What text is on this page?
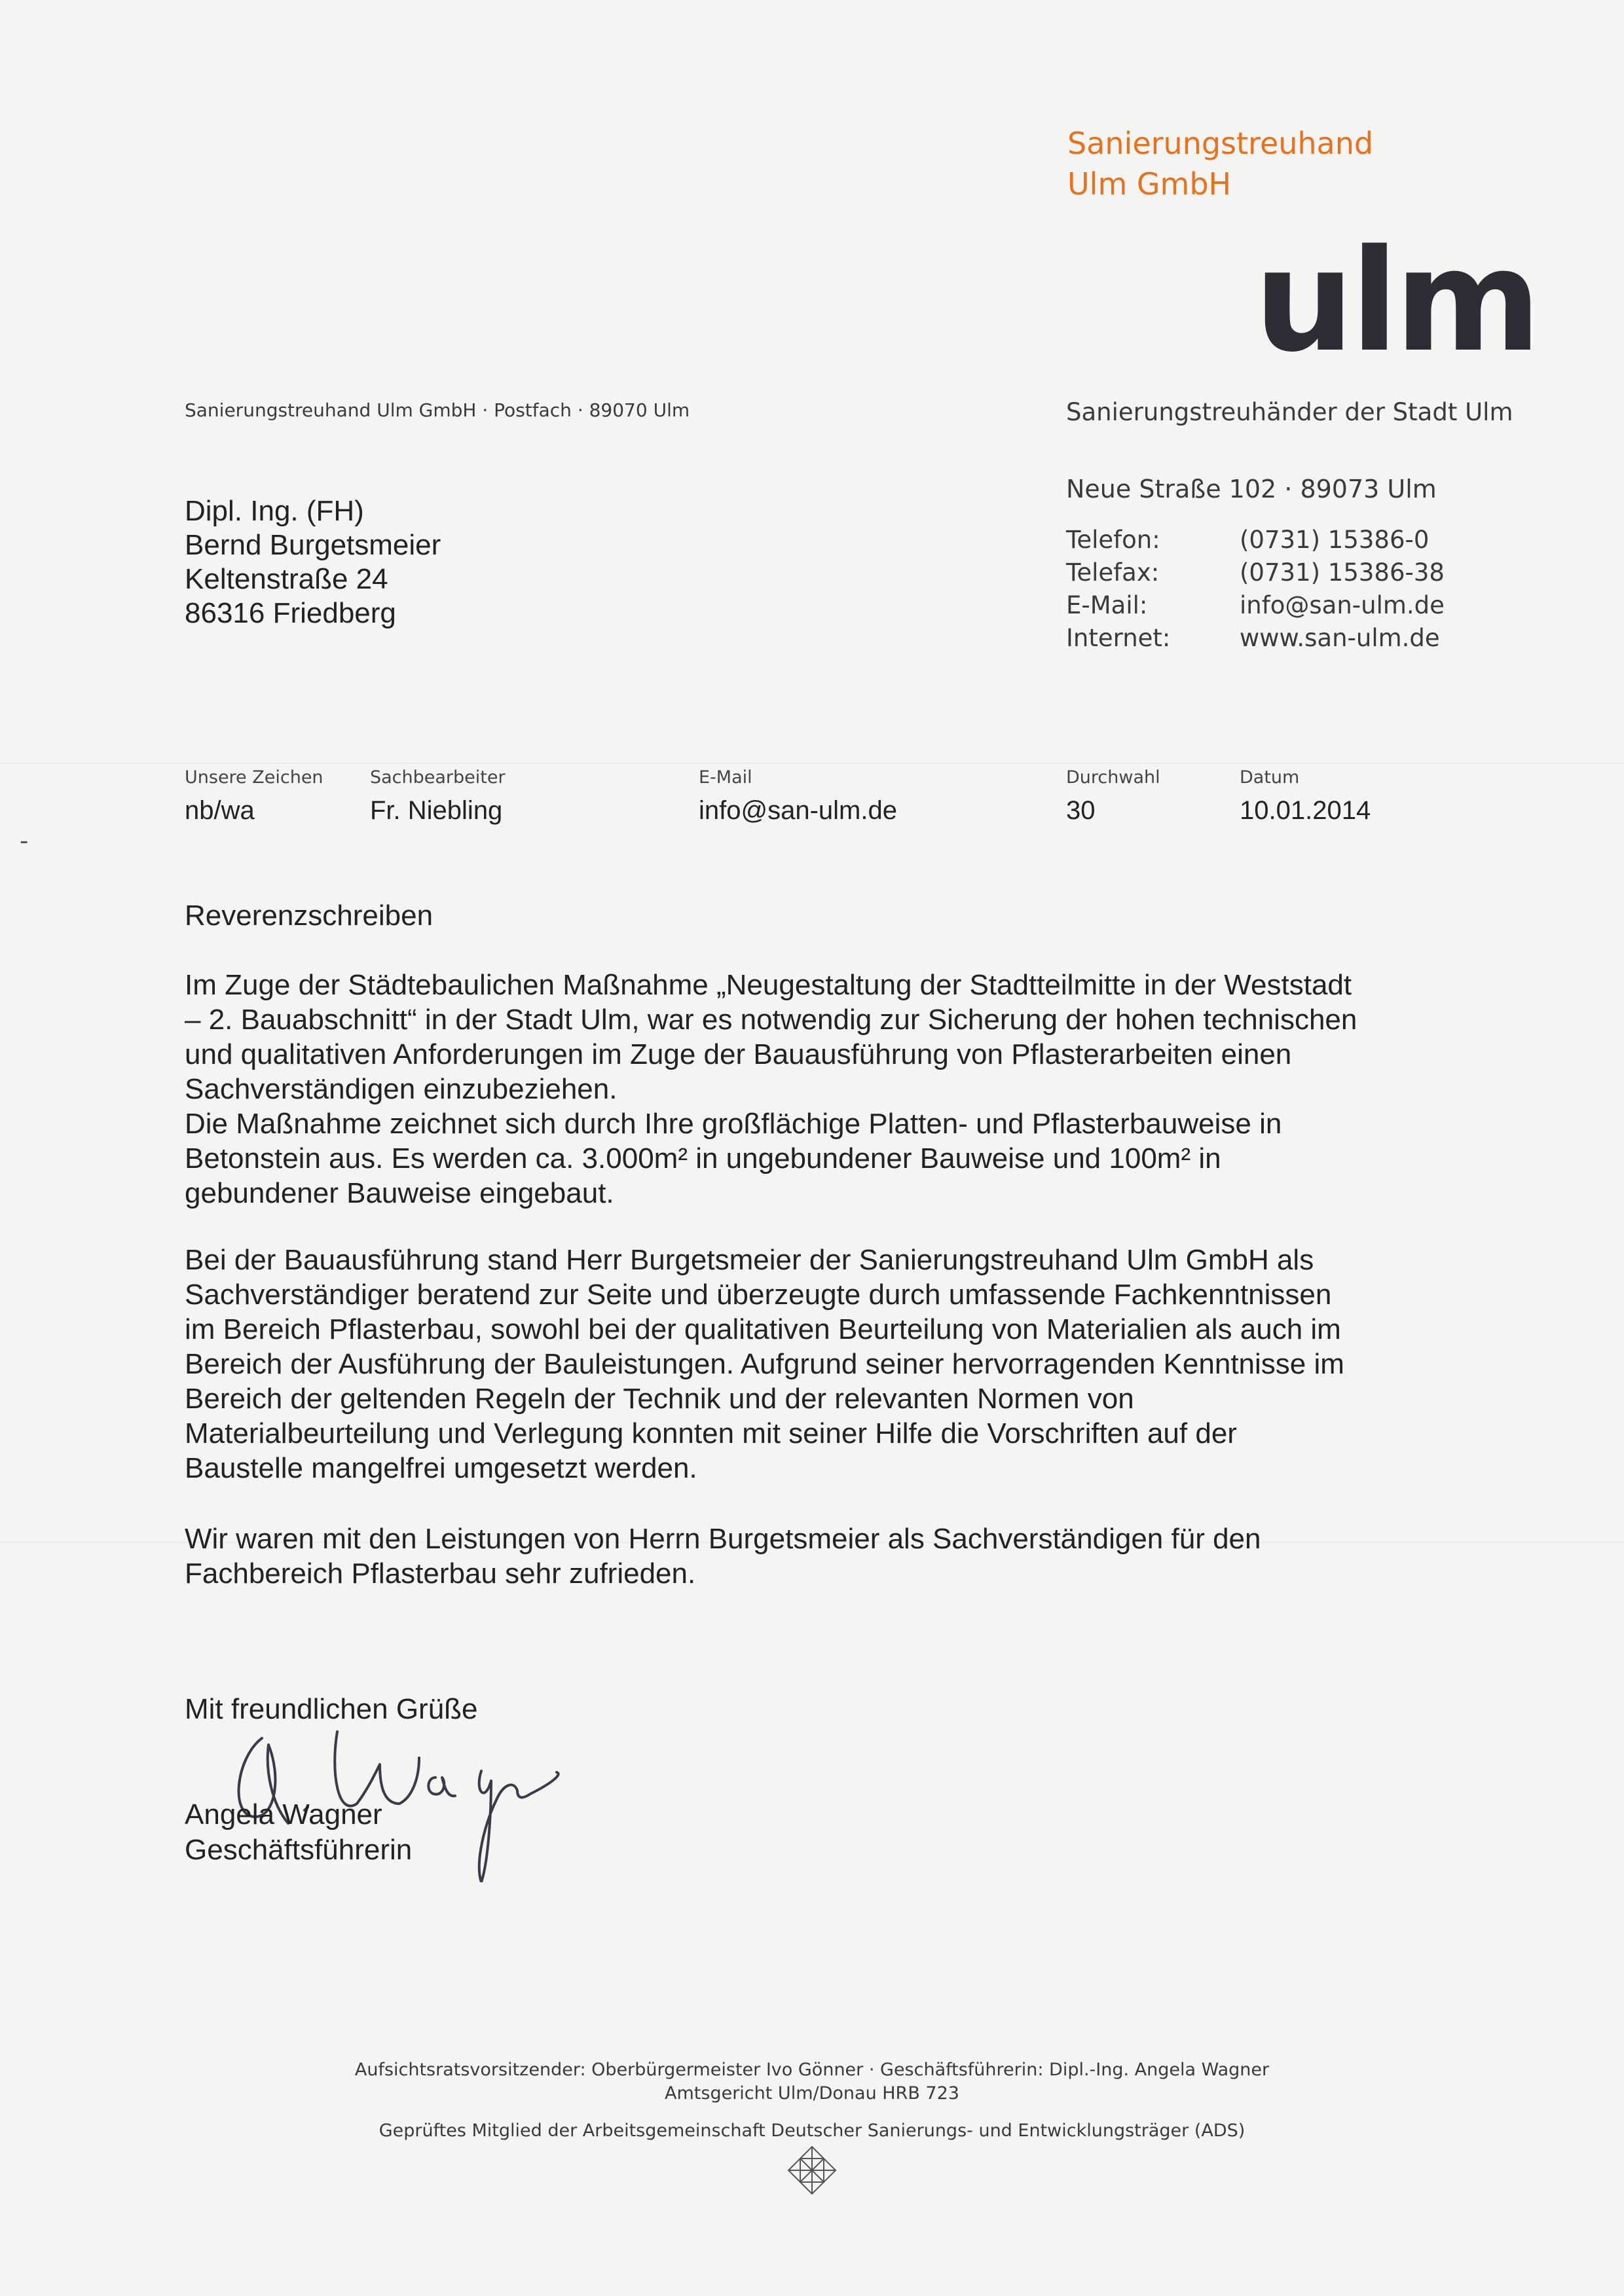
Sanierungstreuhand
Ulm GmbH
ulm
Sanierungstreuhand Ulm GmbH · Postfach · 89070 Ulm	Sanierungstreuhänder der Stadt Ulm
Dipl. Ing. (FH)
Bernd Burgetsmeier
Keltenstraße 24
86316 Friedberg
Neue Straße 102 · 89073 Ulm
Telefon:	(0731) 15386-0
Telefax:	(0731) 15386-38
E-Mail:	info@san-ulm.de
Internet:	www.san-ulm.de
Unsere Zeichen	Sachbearbeiter	E-Mail	Durchwahl	Datum
nb/wa	Fr. Niebling	info@san-ulm.de	30	10.01.2014
-
Reverenzschreiben
Im Zuge der Städtebaulichen Maßnahme „Neugestaltung der Stadtteilmitte in der Weststadt
– 2. Bauabschnitt“ in der Stadt Ulm, war es notwendig zur Sicherung der hohen technischen
und qualitativen Anforderungen im Zuge der Bauausführung von Pflasterarbeiten einen
Sachverständigen einzubeziehen.
Die Maßnahme zeichnet sich durch Ihre großflächige Platten- und Pflasterbauweise in
Betonstein aus. Es werden ca. 3.000m² in ungebundener Bauweise und 100m² in
gebundener Bauweise eingebaut.
Bei der Bauausführung stand Herr Burgetsmeier der Sanierungstreuhand Ulm GmbH als
Sachverständiger beratend zur Seite und überzeugte durch umfassende Fachkenntnissen
im Bereich Pflasterbau, sowohl bei der qualitativen Beurteilung von Materialien als auch im
Bereich der Ausführung der Bauleistungen. Aufgrund seiner hervorragenden Kenntnisse im
Bereich der geltenden Regeln der Technik und der relevanten Normen von
Materialbeurteilung und Verlegung konnten mit seiner Hilfe die Vorschriften auf der
Baustelle mangelfrei umgesetzt werden.
Wir waren mit den Leistungen von Herrn Burgetsmeier als Sachverständigen für den
Fachbereich Pflasterbau sehr zufrieden.
Mit freundlichen Grüße
Angela Wagner
Geschäftsführerin
Aufsichtsratsvorsitzender: Oberbürgermeister Ivo Gönner · Geschäftsführerin: Dipl.-Ing. Angela Wagner
Amtsgericht Ulm/Donau HRB 723
Geprüftes Mitglied der Arbeitsgemeinschaft Deutscher Sanierungs- und Entwicklungsträger (ADS)
